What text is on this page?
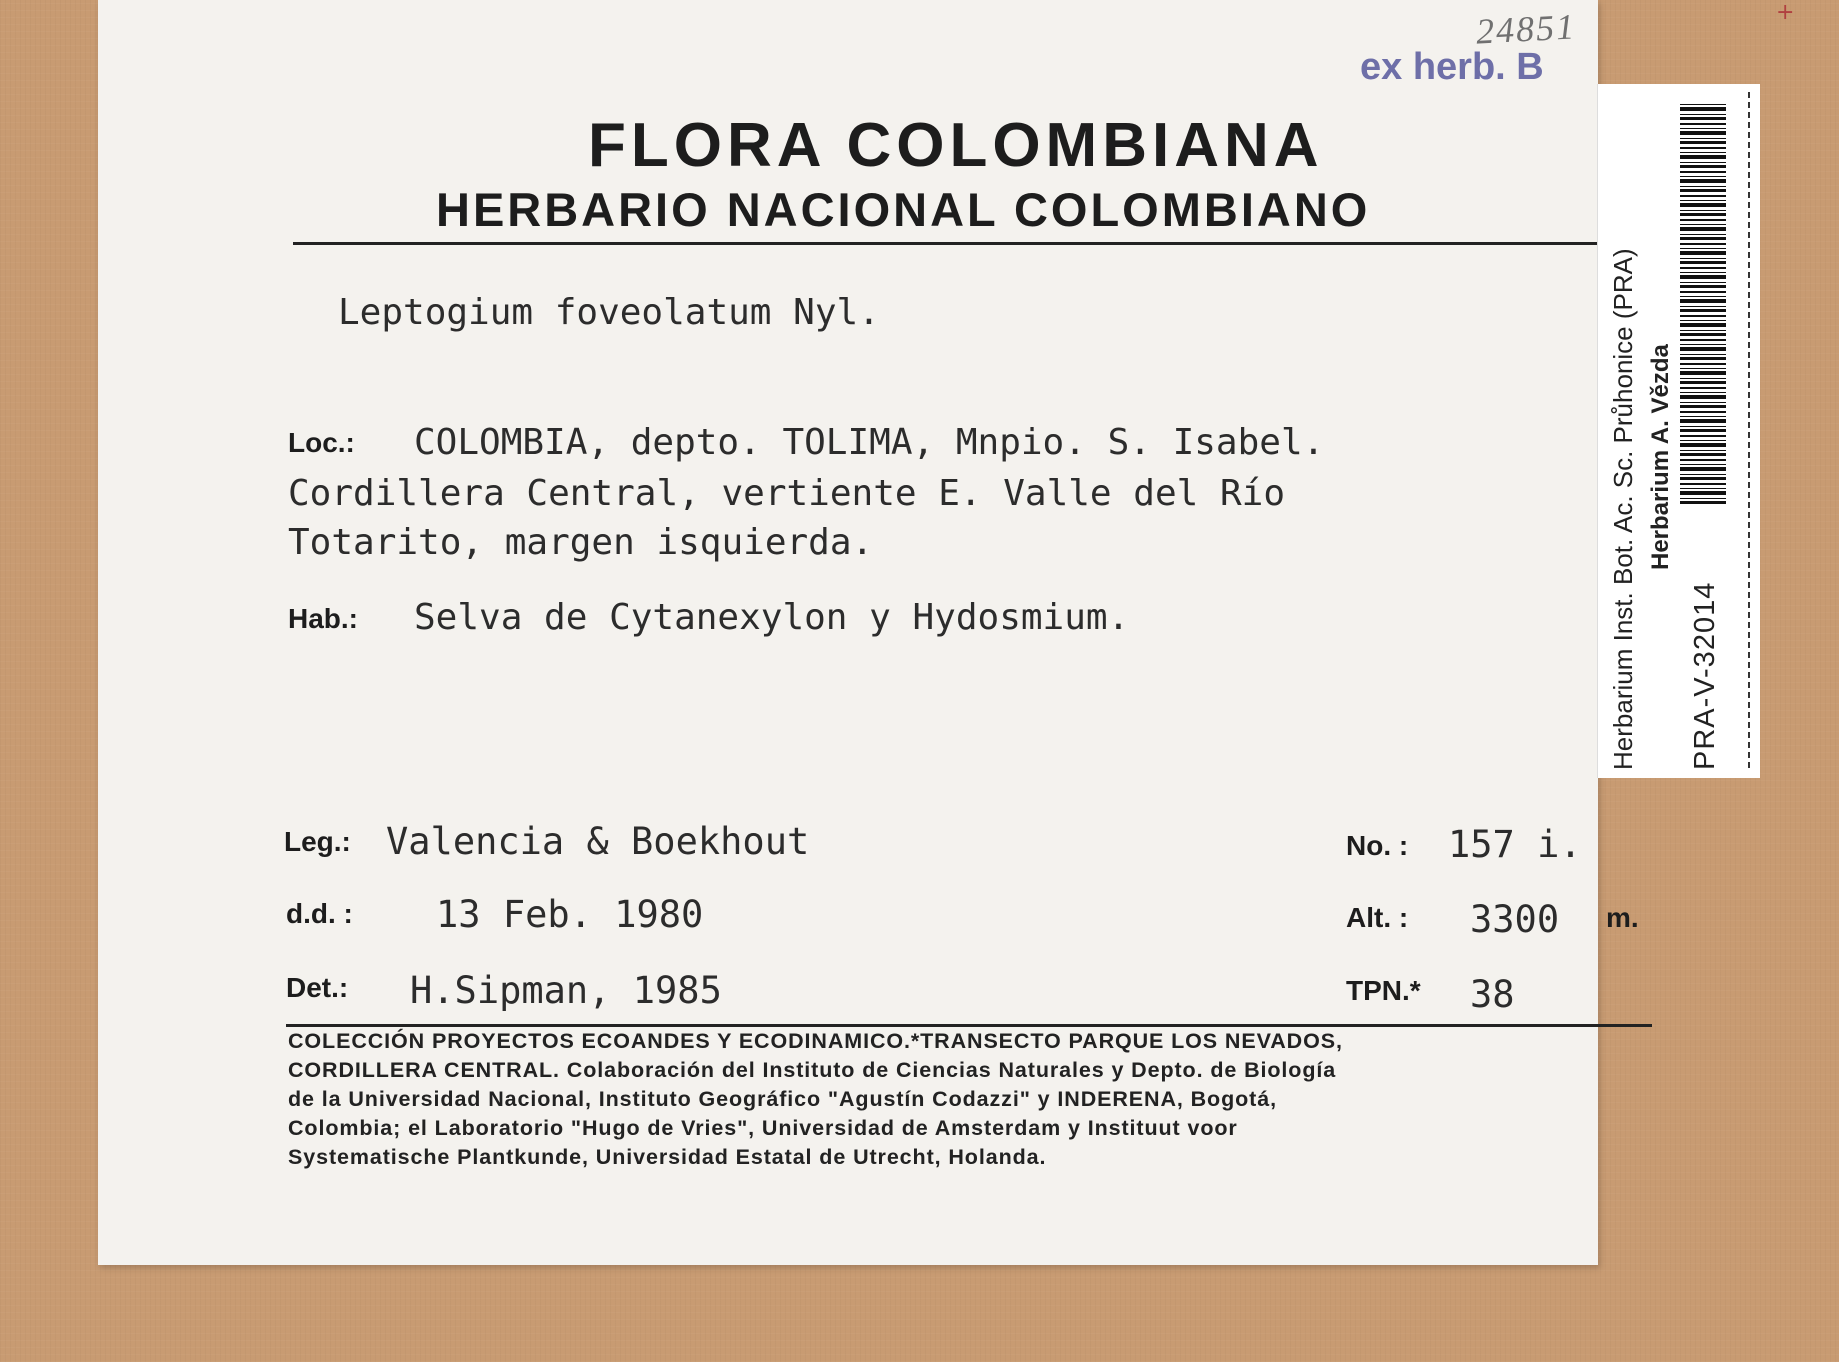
24851
ex herb. B
FLORA COLOMBIANA
HERBARIO NACIONAL COLOMBIANO
Leptogium foveolatum Nyl.
Loc.: COLOMBIA, depto. TOLIMA, Mnpio. S. Isabel.
Cordillera Central, vertiente E. Valle del Río
Totarito, margen isquierda.
Hab.: Selva de Cytanexylon y Hydosmium.
Leg.: Valencia & Boekhout	No. : 157 i.
d.d. : 13 Feb. 1980	Alt. : 3300 m.
Det.: H.Sipman, 1985	TPN.* 38
COLECCIÓN PROYECTOS ECOANDES Y ECODINAMICO.*TRANSECTO PARQUE LOS NEVADOS,
CORDILLERA CENTRAL. Colaboración del Instituto de Ciencias Naturales y Depto. de Biología
de la Universidad Nacional, Instituto Geográfico "Agustín Codazzi" y INDERENA, Bogotá,
Colombia; el Laboratorio "Hugo de Vries", Universidad de Amsterdam y Instituut voor
Systematische Plantkunde, Universidad Estatal de Utrecht, Holanda.
Herbarium Inst. Bot. Ac. Sc. Průhonice (PRA) Herbarium A. Vězda
PRA-V-32014
+
